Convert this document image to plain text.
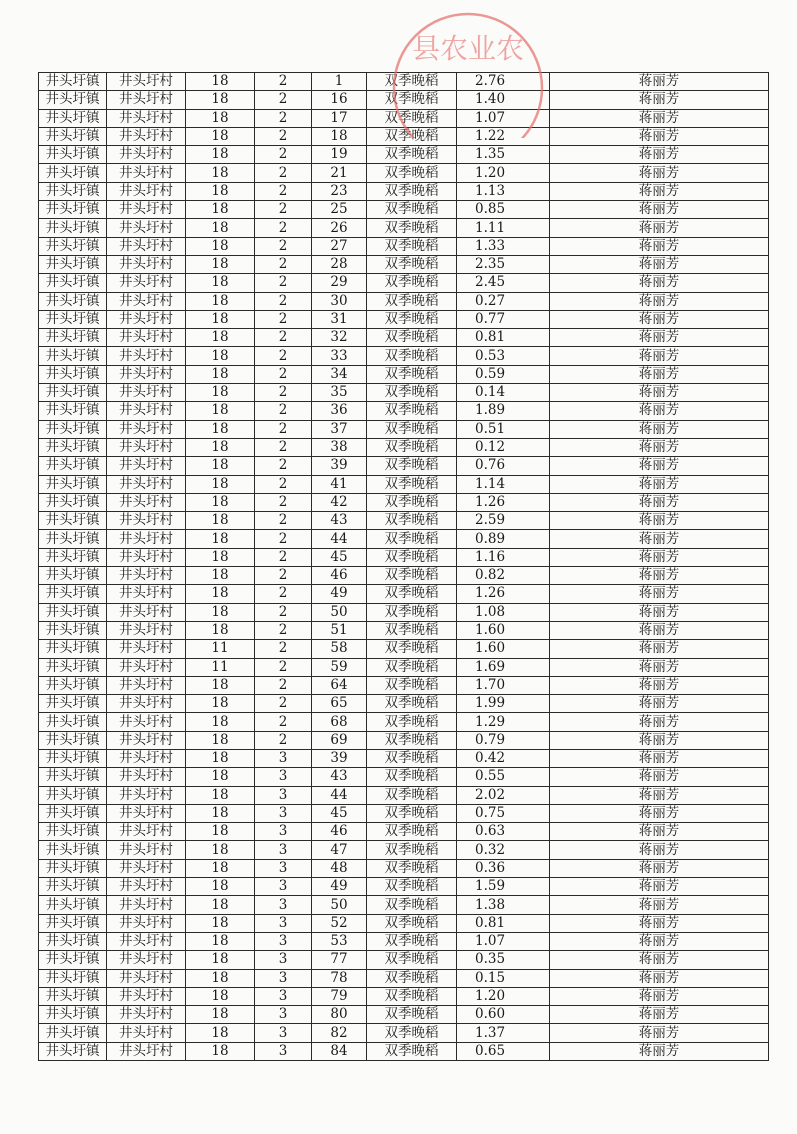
井头圩镇	井头圩村	18	2	1	双季晚稻	2.76	蒋丽芳
井头圩镇	井头圩村	18	2	16	双季晚稻	1.40	蒋丽芳
井头圩镇	井头圩村	18	2	17	双季晚稻	1.07	蒋丽芳
井头圩镇	井头圩村	18	2	18	双季晚稻	1.22	蒋丽芳
井头圩镇	井头圩村	18	2	19	双季晚稻	1.35	蒋丽芳
井头圩镇	井头圩村	18	2	21	双季晚稻	1.20	蒋丽芳
井头圩镇	井头圩村	18	2	23	双季晚稻	1.13	蒋丽芳
井头圩镇	井头圩村	18	2	25	双季晚稻	0.85	蒋丽芳
井头圩镇	井头圩村	18	2	26	双季晚稻	1.11	蒋丽芳
井头圩镇	井头圩村	18	2	27	双季晚稻	1.33	蒋丽芳
井头圩镇	井头圩村	18	2	28	双季晚稻	2.35	蒋丽芳
井头圩镇	井头圩村	18	2	29	双季晚稻	2.45	蒋丽芳
井头圩镇	井头圩村	18	2	30	双季晚稻	0.27	蒋丽芳
井头圩镇	井头圩村	18	2	31	双季晚稻	0.77	蒋丽芳
井头圩镇	井头圩村	18	2	32	双季晚稻	0.81	蒋丽芳
井头圩镇	井头圩村	18	2	33	双季晚稻	0.53	蒋丽芳
井头圩镇	井头圩村	18	2	34	双季晚稻	0.59	蒋丽芳
井头圩镇	井头圩村	18	2	35	双季晚稻	0.14	蒋丽芳
井头圩镇	井头圩村	18	2	36	双季晚稻	1.89	蒋丽芳
井头圩镇	井头圩村	18	2	37	双季晚稻	0.51	蒋丽芳
井头圩镇	井头圩村	18	2	38	双季晚稻	0.12	蒋丽芳
井头圩镇	井头圩村	18	2	39	双季晚稻	0.76	蒋丽芳
井头圩镇	井头圩村	18	2	41	双季晚稻	1.14	蒋丽芳
井头圩镇	井头圩村	18	2	42	双季晚稻	1.26	蒋丽芳
井头圩镇	井头圩村	18	2	43	双季晚稻	2.59	蒋丽芳
井头圩镇	井头圩村	18	2	44	双季晚稻	0.89	蒋丽芳
井头圩镇	井头圩村	18	2	45	双季晚稻	1.16	蒋丽芳
井头圩镇	井头圩村	18	2	46	双季晚稻	0.82	蒋丽芳
井头圩镇	井头圩村	18	2	49	双季晚稻	1.26	蒋丽芳
井头圩镇	井头圩村	18	2	50	双季晚稻	1.08	蒋丽芳
井头圩镇	井头圩村	18	2	51	双季晚稻	1.60	蒋丽芳
井头圩镇	井头圩村	11	2	58	双季晚稻	1.60	蒋丽芳
井头圩镇	井头圩村	11	2	59	双季晚稻	1.69	蒋丽芳
井头圩镇	井头圩村	18	2	64	双季晚稻	1.70	蒋丽芳
井头圩镇	井头圩村	18	2	65	双季晚稻	1.99	蒋丽芳
井头圩镇	井头圩村	18	2	68	双季晚稻	1.29	蒋丽芳
井头圩镇	井头圩村	18	2	69	双季晚稻	0.79	蒋丽芳
井头圩镇	井头圩村	18	3	39	双季晚稻	0.42	蒋丽芳
井头圩镇	井头圩村	18	3	43	双季晚稻	0.55	蒋丽芳
井头圩镇	井头圩村	18	3	44	双季晚稻	2.02	蒋丽芳
井头圩镇	井头圩村	18	3	45	双季晚稻	0.75	蒋丽芳
井头圩镇	井头圩村	18	3	46	双季晚稻	0.63	蒋丽芳
井头圩镇	井头圩村	18	3	47	双季晚稻	0.32	蒋丽芳
井头圩镇	井头圩村	18	3	48	双季晚稻	0.36	蒋丽芳
井头圩镇	井头圩村	18	3	49	双季晚稻	1.59	蒋丽芳
井头圩镇	井头圩村	18	3	50	双季晚稻	1.38	蒋丽芳
井头圩镇	井头圩村	18	3	52	双季晚稻	0.81	蒋丽芳
井头圩镇	井头圩村	18	3	53	双季晚稻	1.07	蒋丽芳
井头圩镇	井头圩村	18	3	77	双季晚稻	0.35	蒋丽芳
井头圩镇	井头圩村	18	3	78	双季晚稻	0.15	蒋丽芳
井头圩镇	井头圩村	18	3	79	双季晚稻	1.20	蒋丽芳
井头圩镇	井头圩村	18	3	80	双季晚稻	0.60	蒋丽芳
井头圩镇	井头圩村	18	3	82	双季晚稻	1.37	蒋丽芳
井头圩镇	井头圩村	18	3	84	双季晚稻	0.65	蒋丽芳
县农业农
